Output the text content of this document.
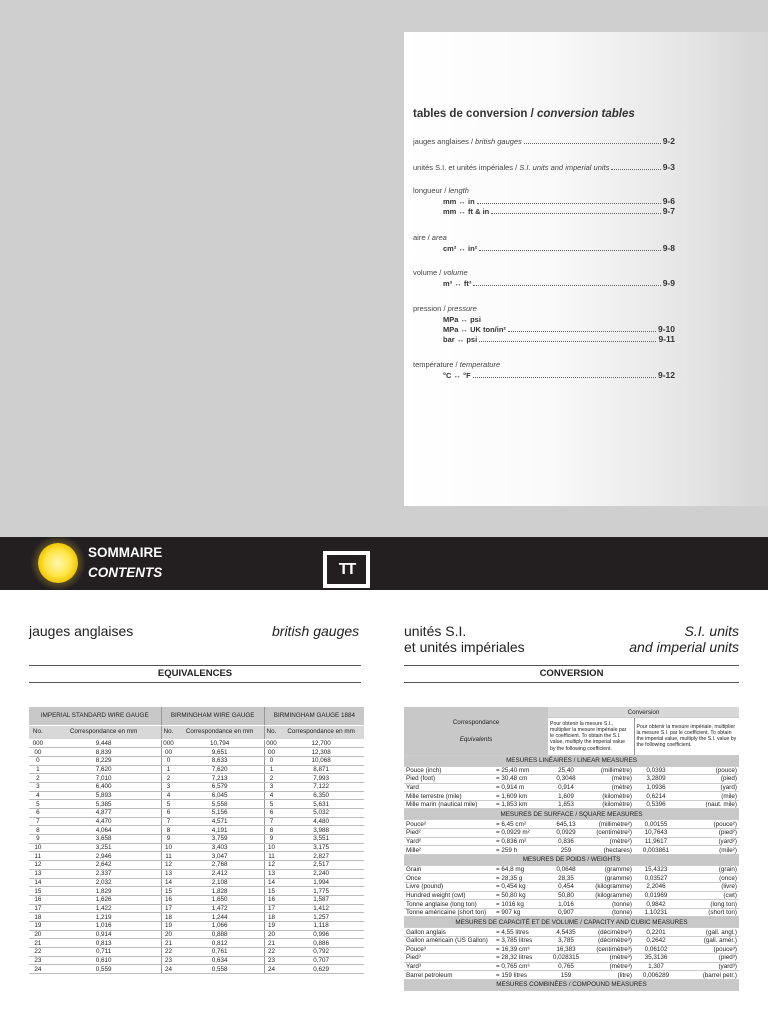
tables de conversion / conversion tables
jauges anglaises / british gauges	9-2
unités S.I. et unités impériales / S.I. units and imperial units	9-3
longueur / length
mm ↔ in	9-6
mm ↔ ft & in	9-7
aire / area
cm² ↔ in²	9-8
volume / volume
m³ ↔ ft³	9-9
pression / pressure
MPa ↔ psi
MPa ↔ UK ton/in²	9-10
bar ↔ psi	9-11
température / temperature
°C ↔ °F	9-12
SOMMAIRE
CONTENTS	TT
jauges anglaises	british gauges
EQUIVALENCES
unités S.I.
et unités impériales
S.I. units
and imperial units
CONVERSION
IMPERIAL STANDARD WIRE GAUGE		BIRMINGHAM WIRE GAUGE		BIRMINGHAM GAUGE 1884	
No.	Correspondance en mm	No.	Correspondance en mm	No.	Correspondance en mm
000	9,448	000	10,794	000	12,700
00	8,839	00	9,651	00	12,308
0	8,229	0	8,633	0	10,068
1	7,620	1	7,620	1	8,871
2	7,010	2	7,213	2	7,993
3	6,400	3	6,579	3	7,122
4	5,893	4	6,045	4	6,350
5	5,385	5	5,558	5	5,631
6	4,877	6	5,156	6	5,032
7	4,470	7	4,571	7	4,480
8	4,064	8	4,191	8	3,988
9	3,658	9	3,759	9	3,551
10	3,251	10	3,403	10	3,175
11	2,946	11	3,047	11	2,827
12	2,642	12	2,768	12	2,517
13	2,337	13	2,412	13	2,240
14	2,032	14	2,108	14	1,994
15	1,829	15	1,828	15	1,775
16	1,626	16	1,650	16	1,587
17	1,422	17	1,472	17	1,412
18	1,219	18	1,244	18	1,257
19	1,016	19	1,066	19	1,118
20	0,914	20	0,888	20	0,996
21	0,813	21	0,812	21	0,886
22	0,711	22	0,761	22	0,792
23	0,610	23	0,634	23	0,707
24	0,559	24	0,558	24	0,629
Correspondance
Equivalents		Conversion			
		Pour obtenir la mesure S.I., multiplier la mesure impériale par le coefficient. To obtain the S.I. value, multiply the imperial value by the following coefficient.		Pour obtenir la mesure impériale, multiplier la mesure S.I. par le coefficient. To obtain the imperial value, multiply the S.I. value by the following coefficient.	
MESURES LINÉAIRES / LINEAR MEASURES					
Pouce (inch)	= 25,40 mm	25,40	(millimètre)	0,0393	(pouce)
Pied (foot)	= 30,48 cm	0,3048	(mètre)	3,2809	(pied)
Yard	= 0,914 m	0,914	(mètre)	1,0936	(yard)
Mille terrestre (mile)	= 1,609 km	1,609	(kilomètre)	0,6214	(mile)
Mille marin (nautical mile)	= 1,853 km	1,853	(kilomètre)	0,5396	(naut. mile)
MESURES DE SURFACE / SQUARE MEASURES					
Pouce²	= 6,45 cm²	645,13	(millimètre²)	0,00155	(pouce²)
Pied²	= 0,0929 m²	0,0929	(centimètre²)	10,7643	(pied²)
Yard²	= 0,836 m²	0,836	(mètre²)	11,9617	(yard²)
Mille²	= 259 h	259	(hectares)	0,003861	(mile²)
MESURES DE POIDS / WEIGHTS					
Grain	= 64,8 mg	0,0648	(gramme)	15,4323	(grain)
Once	= 28,35 g	28,35	(gramme)	0,03527	(once)
Livre (pound)	= 0,454 kg	0,454	(kilogramme)	2,2046	(livre)
Hundred weight (cwt)	= 50,80 kg	50,80	(kilogramme)	0,01969	(cwt)
Tonne anglaise (long ton)	= 1016 kg	1,016	(tonne)	0,9842	(long ton)
Tonne américaine (short ton)	= 907 kg	0,907	(tonne)	1,10231	(short ton)
MESURES DE CAPACITÉ ET DE VOLUME / CAPACITY AND CUBIC MEASURES					
Gallon anglais	= 4,55 litres	4,5435	(décimètre³)	0,2201	(gall. angl.)
Gallon américain (US Gallon)	= 3,785 litres	3,785	(décimètre³)	0,2642	(gall. amér.)
Pouce³	= 16,39 cm³	16,383	(centimètre³)	0,06102	(pouce³)
Pied³	= 28,32 litres	0,028315	(mètre³)	35,3136	(pied³)
Yard³	= 0,765 cm³	0,765	(mètre³)	1,307	(yard³)
Barrel petroleum	= 159 litres	159	(litre)	0,006289	(barrel petr.)
MESURES COMBINÉES / COMPOUND MEASURES					
